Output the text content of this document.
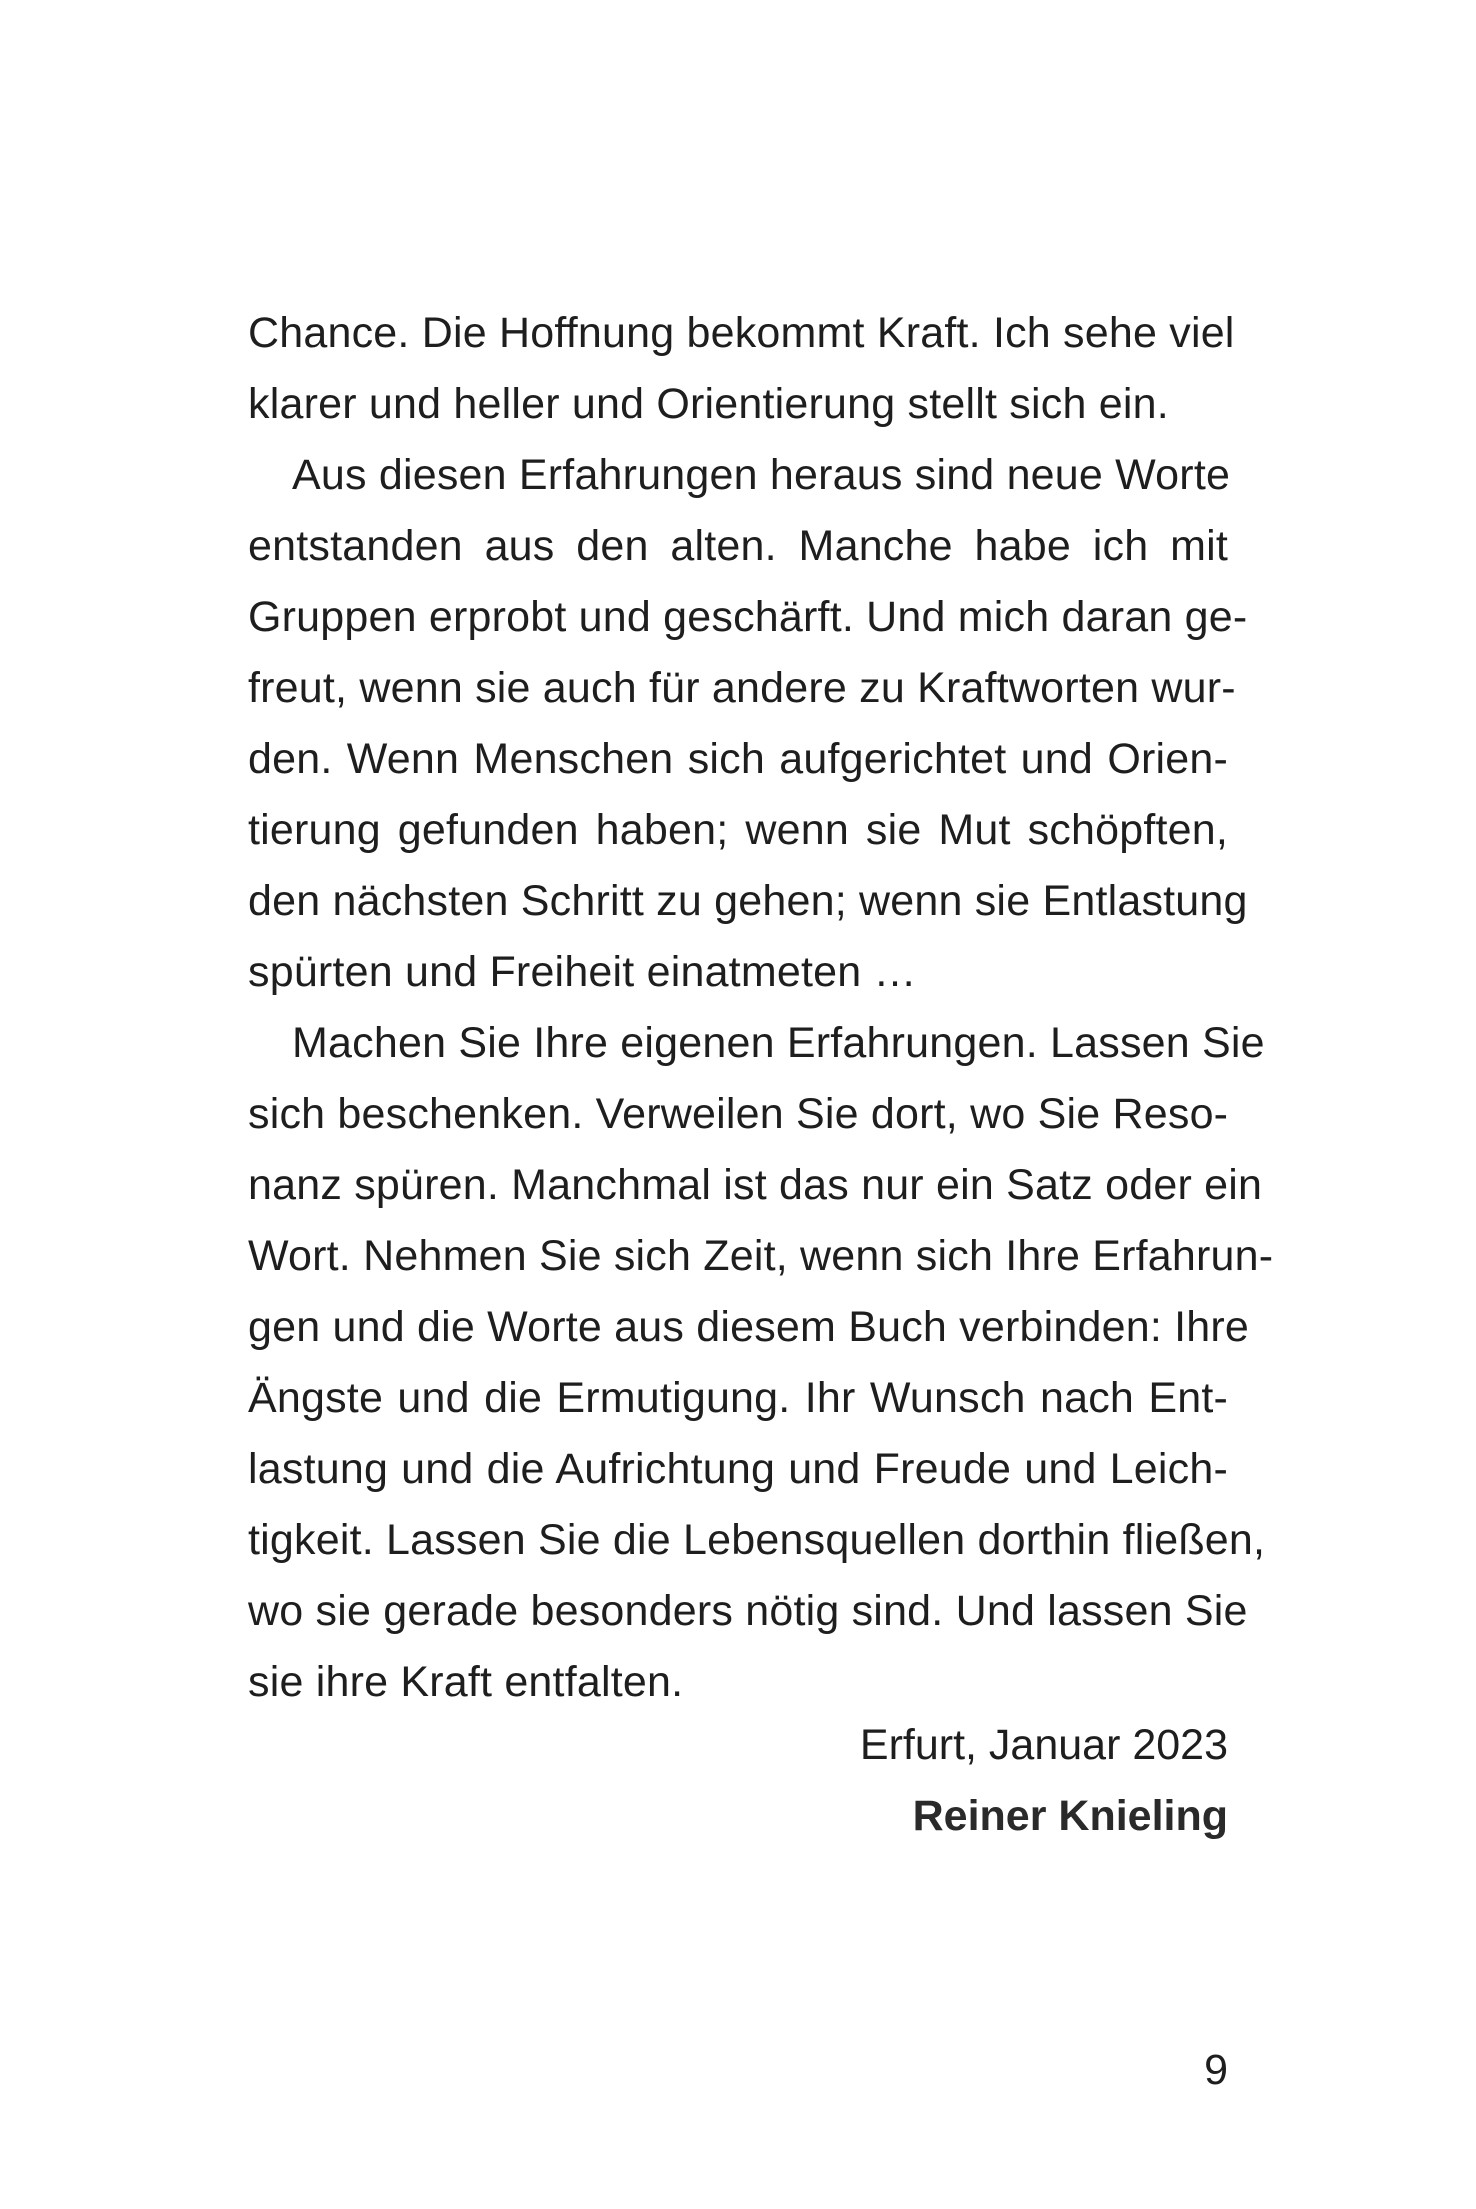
Chance. Die Hoffnung bekommt Kraft. Ich sehe viel
klarer und heller und Orientierung stellt sich ein.
Aus diesen Erfahrungen heraus sind neue Worte
entstanden aus den alten. Manche habe ich mit
Gruppen erprobt und geschärft. Und mich daran ge-
freut, wenn sie auch für andere zu Kraftworten wur-
den. Wenn Menschen sich aufgerichtet und Orien-
tierung gefunden haben; wenn sie Mut schöpften,
den nächsten Schritt zu gehen; wenn sie Entlastung
spürten und Freiheit einatmeten …
Machen Sie Ihre eigenen Erfahrungen. Lassen Sie
sich beschenken. Verweilen Sie dort, wo Sie Reso-
nanz spüren. Manchmal ist das nur ein Satz oder ein
Wort. Nehmen Sie sich Zeit, wenn sich Ihre Erfahrun-
gen und die Worte aus diesem Buch verbinden: Ihre
Ängste und die Ermutigung. Ihr Wunsch nach Ent-
lastung und die Aufrichtung und Freude und Leich-
tigkeit. Lassen Sie die Lebensquellen dorthin fließen,
wo sie gerade besonders nötig sind. Und lassen Sie
sie ihre Kraft entfalten.
Erfurt, Januar 2023
Reiner Knieling
9
